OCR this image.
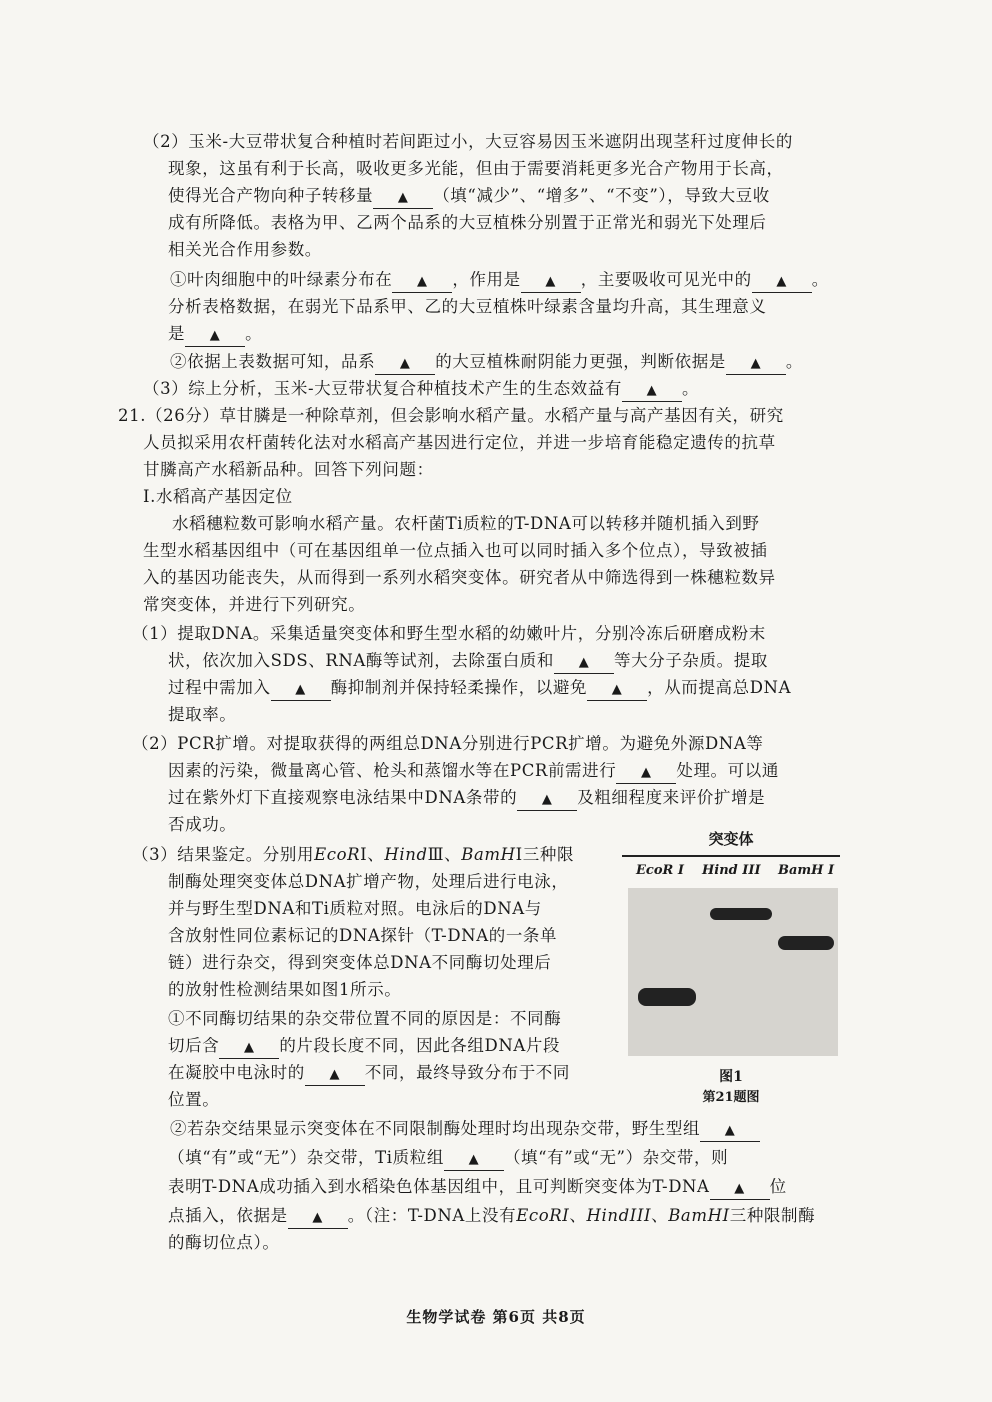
（2）玉米-大豆带状复合种植时若间距过小，大豆容易因玉米遮阴出现茎秆过度伸长的
现象，这虽有利于长高，吸收更多光能，但由于需要消耗更多光合产物用于长高，
使得光合产物向种子转移量 ▲ （填“减少”、“增多”、“不变”），导致大豆收
成有所降低。表格为甲、乙两个品系的大豆植株分别置于正常光和弱光下处理后
相关光合作用参数。
①叶肉细胞中的叶绿素分布在 ▲ ，作用是 ▲ ，主要吸收可见光中的 ▲ 。
分析表格数据，在弱光下品系甲、乙的大豆植株叶绿素含量均升高，其生理意义
是 ▲ 。
②依据上表数据可知，品系 ▲ 的大豆植株耐阴能力更强，判断依据是 ▲ 。
（3）综上分析，玉米-大豆带状复合种植技术产生的生态效益有 ▲ 。
21.（26分）草甘膦是一种除草剂，但会影响水稻产量。水稻产量与高产基因有关，研究
人员拟采用农杆菌转化法对水稻高产基因进行定位，并进一步培育能稳定遗传的抗草
甘膦高产水稻新品种。回答下列问题：
Ⅰ.水稻高产基因定位
水稻穗粒数可影响水稻产量。农杆菌Ti质粒的T-DNA可以转移并随机插入到野
生型水稻基因组中（可在基因组单一位点插入也可以同时插入多个位点），导致被插
入的基因功能丧失，从而得到一系列水稻突变体。研究者从中筛选得到一株穗粒数异
常突变体，并进行下列研究。
（1）提取DNA。采集适量突变体和野生型水稻的幼嫩叶片，分别冷冻后研磨成粉末
状，依次加入SDS、RNA酶等试剂，去除蛋白质和 ▲ 等大分子杂质。提取
过程中需加入 ▲ 酶抑制剂并保持轻柔操作，以避免 ▲ ，从而提高总DNA
提取率。
（2）PCR扩增。对提取获得的两组总DNA分别进行PCR扩增。为避免外源DNA等
因素的污染，微量离心管、枪头和蒸馏水等在PCR前需进行 ▲ 处理。可以通
过在紫外灯下直接观察电泳结果中DNA条带的 ▲ 及粗细程度来评价扩增是
否成功。
（3）结果鉴定。分别用EcoRⅠ、HindⅢ、BamHⅠ三种限
制酶处理突变体总DNA扩增产物，处理后进行电泳，
并与野生型DNA和Ti质粒对照。电泳后的DNA与
含放射性同位素标记的DNA探针（T-DNA的一条单
链）进行杂交，得到突变体总DNA不同酶切处理后
的放射性检测结果如图1所示。
①不同酶切结果的杂交带位置不同的原因是：不同酶
切后含 ▲ 的片段长度不同，因此各组DNA片段
在凝胶中电泳时的 ▲ 不同，最终导致分布于不同
位置。
②若杂交结果显示突变体在不同限制酶处理时均出现杂交带，野生型组 ▲
（填“有”或“无”）杂交带，Ti质粒组 ▲ （填“有”或“无”）杂交带，则
表明T-DNA成功插入到水稻染色体基因组中，且可判断突变体为T-DNA ▲ 位
点插入，依据是 ▲ 。（注：T-DNA上没有EcoRI、HindIII、BamHI三种限制酶
的酶切位点）。
突变体
EcoR I Hind III BamH I
图1
第21题图
生物学试卷 第6页 共8页
